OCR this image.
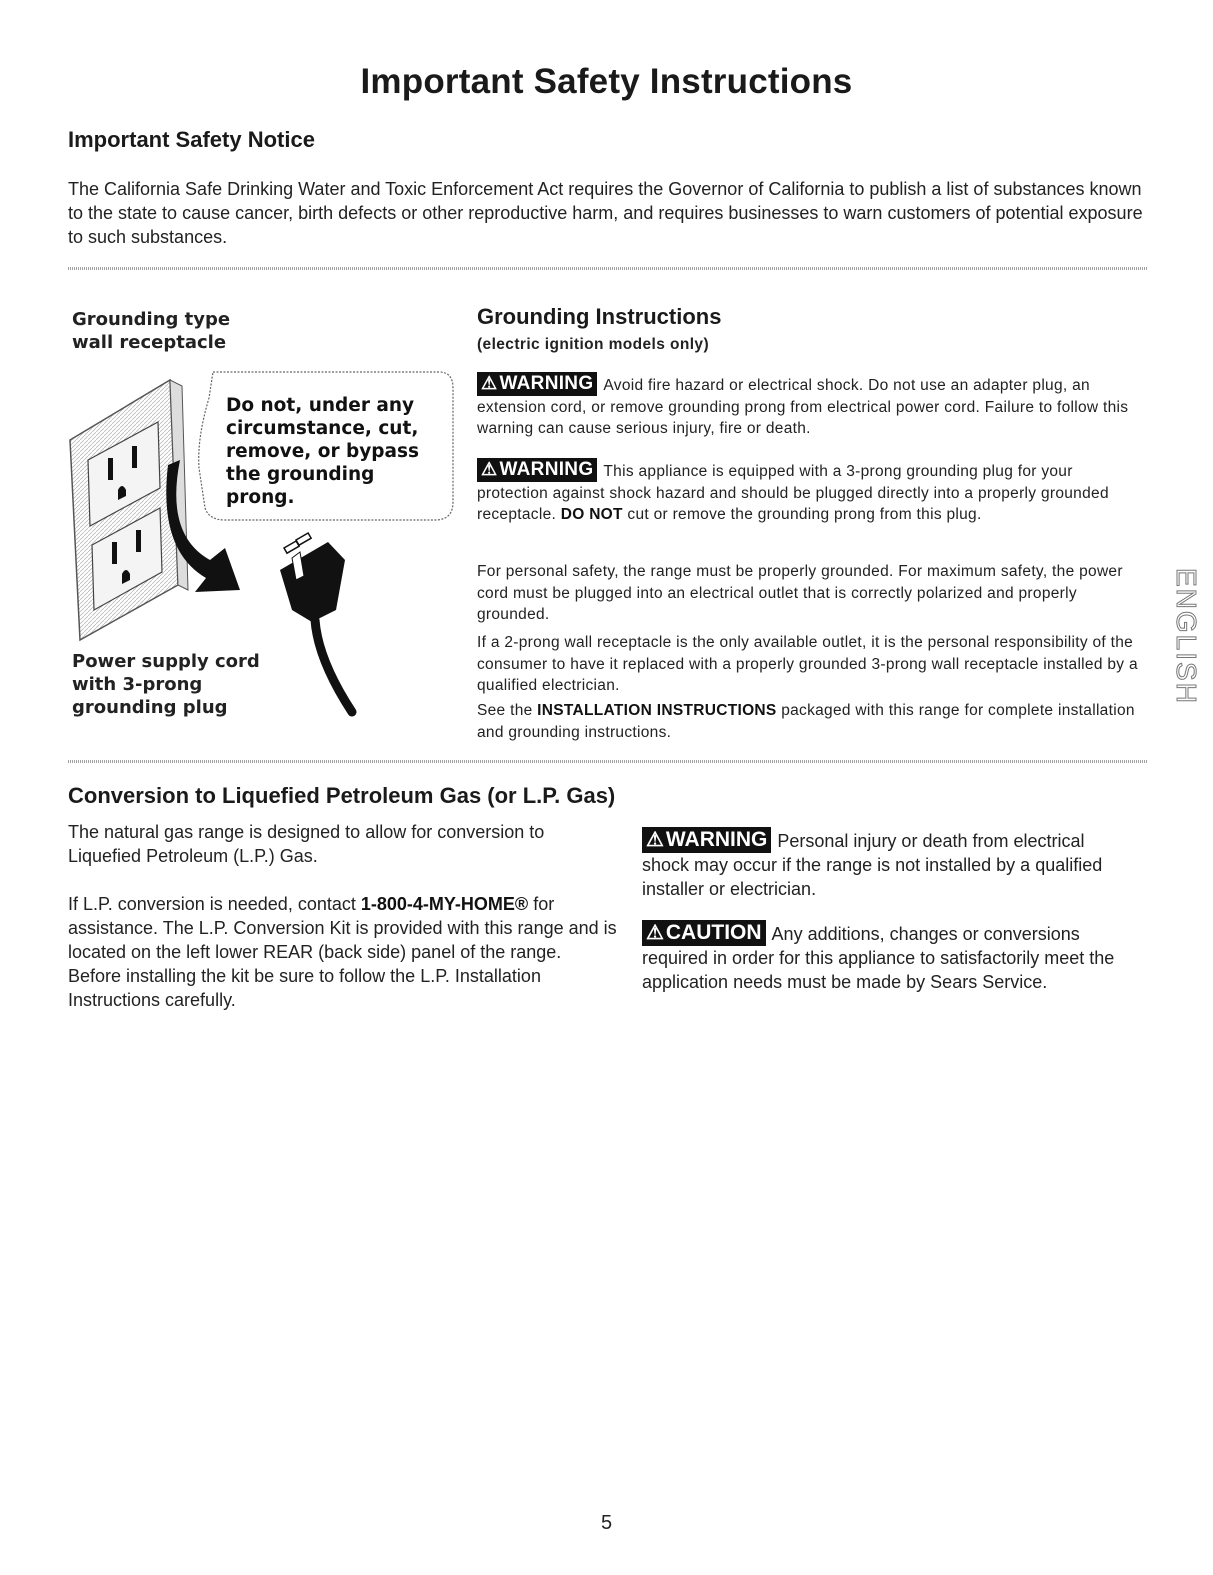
Important Safety Instructions
Important Safety Notice
The California Safe Drinking Water and Toxic Enforcement Act requires the Governor of California to publish a list of substances known to the state to cause cancer, birth defects or other reproductive harm, and requires businesses to warn customers of potential exposure to such substances.
Grounding type wall receptacle
Do not, under any circumstance, cut, remove, or bypass the grounding prong.
Power supply cord with 3-prong grounding plug
Grounding Instructions
(electric ignition models only)
⚠ WARNING Avoid fire hazard or electrical shock. Do not use an adapter plug, an extension cord, or remove grounding prong from electrical power cord. Failure to follow this warning can cause serious injury, fire or death.
⚠ WARNING This appliance is equipped with a 3-prong grounding plug for your protection against shock hazard and should be plugged directly into a properly grounded receptacle. DO NOT cut or remove the grounding prong from this plug.
For personal safety, the range must be properly grounded. For maximum safety, the power cord must be plugged into an electrical outlet that is correctly polarized and properly grounded.
If a 2-prong wall receptacle is the only available outlet, it is the personal responsibility of the consumer to have it replaced with a properly grounded 3-prong wall receptacle installed by a qualified electrician.
See the INSTALLATION INSTRUCTIONS packaged with this range for complete installation and grounding instructions.
ENGLISH
Conversion to Liquefied Petroleum Gas (or L.P. Gas)
The natural gas range is designed to allow for conversion to Liquefied Petroleum (L.P.) Gas.
If L.P. conversion is needed, contact 1-800-4-MY-HOME® for assistance. The L.P. Conversion Kit is provided with this range and is located on the left lower REAR (back side) panel of the range. Before installing the kit be sure to follow the L.P. Installation Instructions carefully.
⚠WARNING Personal injury or death from electrical shock may occur if the range is not installed by a qualified installer or electrician.
⚠CAUTION Any additions, changes or conversions required in order for this appliance to satisfactorily meet the application needs must be made by Sears Service.
5
